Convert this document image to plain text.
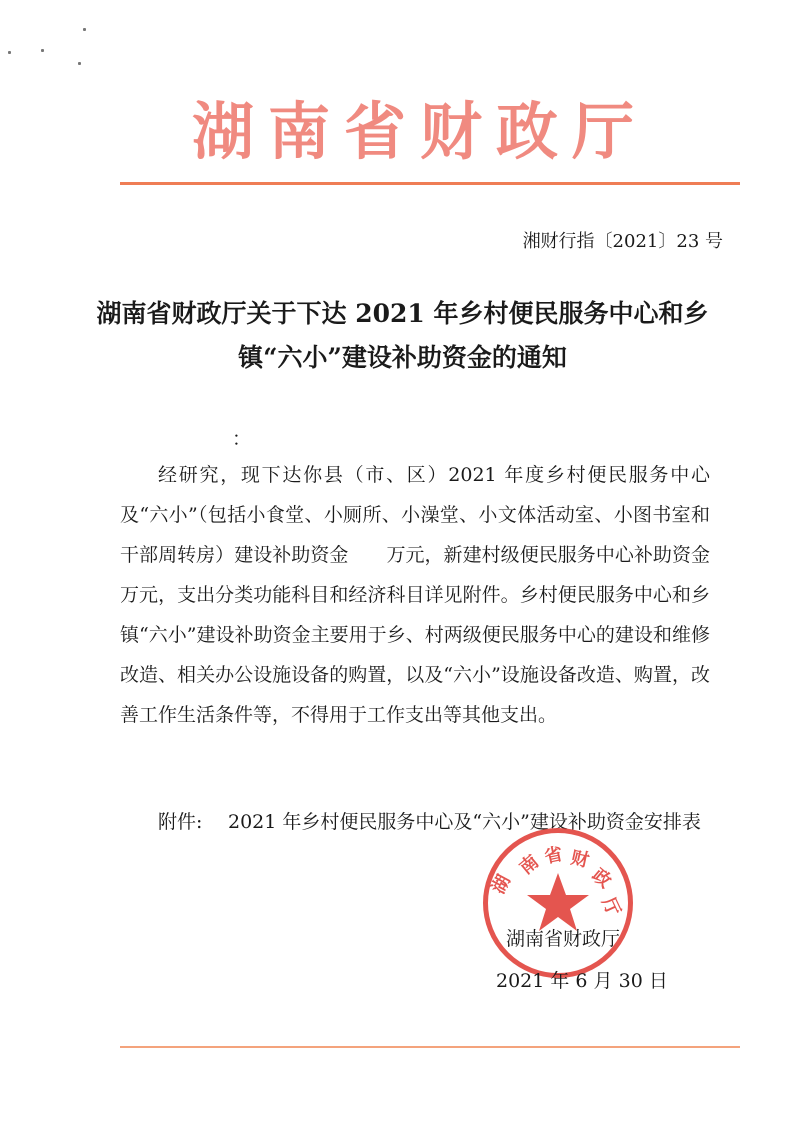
湖南省财政厅
湘财行指〔2021〕23 号
湖南省财政厅关于下达 2021 年乡村便民服务中心和乡镇“六小”建设补助资金的通知
：

经研究，现下达你县（市、区）2021 年度乡村便民服务中心及“六小”（包括小食堂、小厕所、小澡堂、小文体活动室、小图书室和干部周转房）建设补助资金　　万元，新建村级便民服务中心补助资金　万元，支出分类功能科目和经济科目详见附件。乡村便民服务中心和乡镇“六小”建设补助资金主要用于乡、村两级便民服务中心的建设和维修改造、相关办公设施设备的购置，以及“六小”设施设备改造、购置，改善工作生活条件等，不得用于工作支出等其他支出。

附件: 2021 年乡村便民服务中心及“六小”建设补助资金安排表
南 省 财
政
厅
湖
湖南省财政厅
2021 年 6 月 30 日
